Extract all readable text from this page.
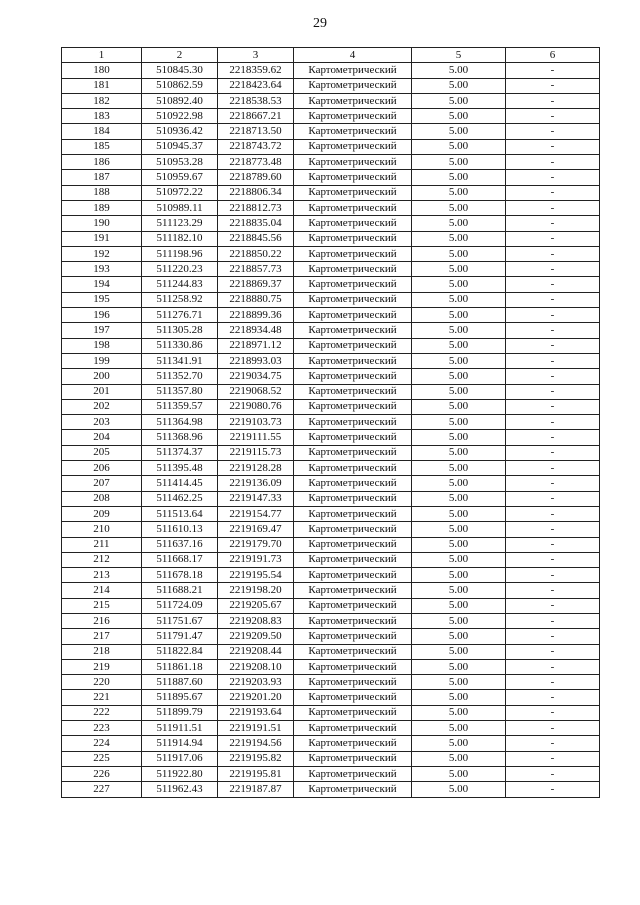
29
1	2	3	4	5	6
180	510845.30	2218359.62	Картометрический	5.00	-
181	510862.59	2218423.64	Картометрический	5.00	-
182	510892.40	2218538.53	Картометрический	5.00	-
183	510922.98	2218667.21	Картометрический	5.00	-
184	510936.42	2218713.50	Картометрический	5.00	-
185	510945.37	2218743.72	Картометрический	5.00	-
186	510953.28	2218773.48	Картометрический	5.00	-
187	510959.67	2218789.60	Картометрический	5.00	-
188	510972.22	2218806.34	Картометрический	5.00	-
189	510989.11	2218812.73	Картометрический	5.00	-
190	511123.29	2218835.04	Картометрический	5.00	-
191	511182.10	2218845.56	Картометрический	5.00	-
192	511198.96	2218850.22	Картометрический	5.00	-
193	511220.23	2218857.73	Картометрический	5.00	-
194	511244.83	2218869.37	Картометрический	5.00	-
195	511258.92	2218880.75	Картометрический	5.00	-
196	511276.71	2218899.36	Картометрический	5.00	-
197	511305.28	2218934.48	Картометрический	5.00	-
198	511330.86	2218971.12	Картометрический	5.00	-
199	511341.91	2218993.03	Картометрический	5.00	-
200	511352.70	2219034.75	Картометрический	5.00	-
201	511357.80	2219068.52	Картометрический	5.00	-
202	511359.57	2219080.76	Картометрический	5.00	-
203	511364.98	2219103.73	Картометрический	5.00	-
204	511368.96	2219111.55	Картометрический	5.00	-
205	511374.37	2219115.73	Картометрический	5.00	-
206	511395.48	2219128.28	Картометрический	5.00	-
207	511414.45	2219136.09	Картометрический	5.00	-
208	511462.25	2219147.33	Картометрический	5.00	-
209	511513.64	2219154.77	Картометрический	5.00	-
210	511610.13	2219169.47	Картометрический	5.00	-
211	511637.16	2219179.70	Картометрический	5.00	-
212	511668.17	2219191.73	Картометрический	5.00	-
213	511678.18	2219195.54	Картометрический	5.00	-
214	511688.21	2219198.20	Картометрический	5.00	-
215	511724.09	2219205.67	Картометрический	5.00	-
216	511751.67	2219208.83	Картометрический	5.00	-
217	511791.47	2219209.50	Картометрический	5.00	-
218	511822.84	2219208.44	Картометрический	5.00	-
219	511861.18	2219208.10	Картометрический	5.00	-
220	511887.60	2219203.93	Картометрический	5.00	-
221	511895.67	2219201.20	Картометрический	5.00	-
222	511899.79	2219193.64	Картометрический	5.00	-
223	511911.51	2219191.51	Картометрический	5.00	-
224	511914.94	2219194.56	Картометрический	5.00	-
225	511917.06	2219195.82	Картометрический	5.00	-
226	511922.80	2219195.81	Картометрический	5.00	-
227	511962.43	2219187.87	Картометрический	5.00	-
